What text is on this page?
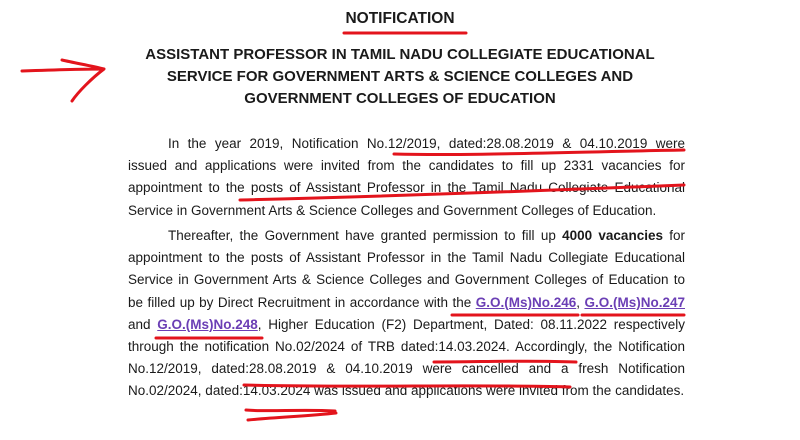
NOTIFICATION
ASSISTANT PROFESSOR IN TAMIL NADU COLLEGIATE EDUCATIONAL
SERVICE FOR GOVERNMENT ARTS & SCIENCE COLLEGES AND
GOVERNMENT COLLEGES OF EDUCATION

In the year 2019, Notification No.12/2019, dated:28.08.2019 & 04.10.2019 were issued and applications were invited from the candidates to fill up 2331 vacancies for appointment to the posts of Assistant Professor in the Tamil Nadu Collegiate Educational Service in Government Arts & Science Colleges and Government Colleges of Education.

Thereafter, the Government have granted permission to fill up 4000 vacancies for appointment to the posts of Assistant Professor in the Tamil Nadu Collegiate Educational Service in Government Arts & Science Colleges and Government Colleges of Education to be filled up by Direct Recruitment in accordance with the G.O.(Ms)No.246, G.O.(Ms)No.247 and G.O.(Ms)No.248, Higher Education (F2) Department, Dated: 08.11.2022 respectively through the notification No.02/2024 of TRB dated:14.03.2024. Accordingly, the Notification No.12/2019, dated:28.08.2019 & 04.10.2019 were cancelled and a fresh Notification No.02/2024, dated:14.03.2024 was issued and applications were invited from the candidates.
